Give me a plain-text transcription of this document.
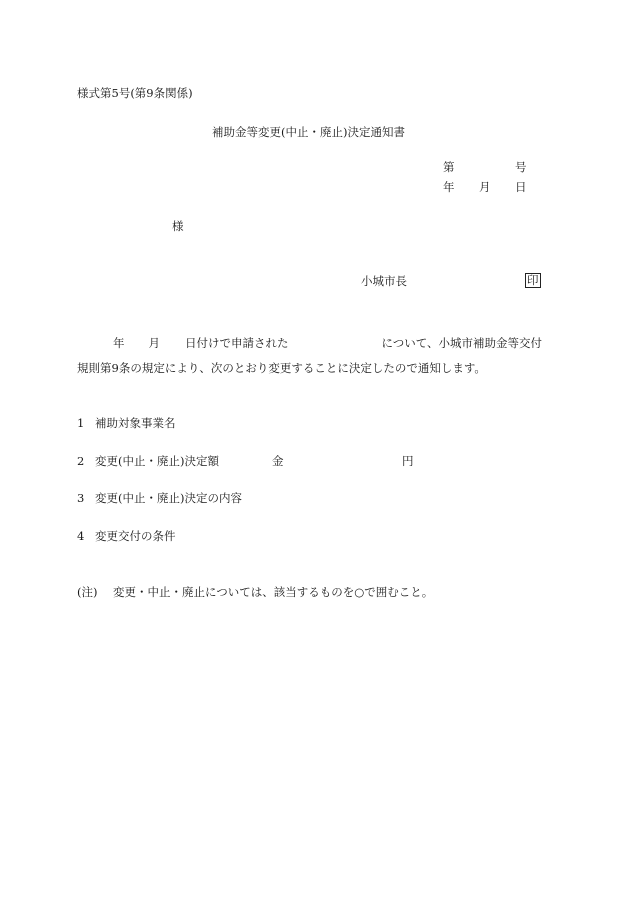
様式第5号(第9条関係)
補助金等変更(中止・廃止)決定通知書
第	号
年 月 日
様
小城市長	印
年 月 日付けで申請された	について、小城市補助金等交付
規則第9条の規定により、次のとおり変更することに決定したので通知します。
1 補助対象事業名
2 変更(中止・廃止)決定額	金	円
3 変更(中止・廃止)決定の内容
4 変更交付の条件
(注) 変更・中止・廃止については、該当するものを○で囲むこと。
